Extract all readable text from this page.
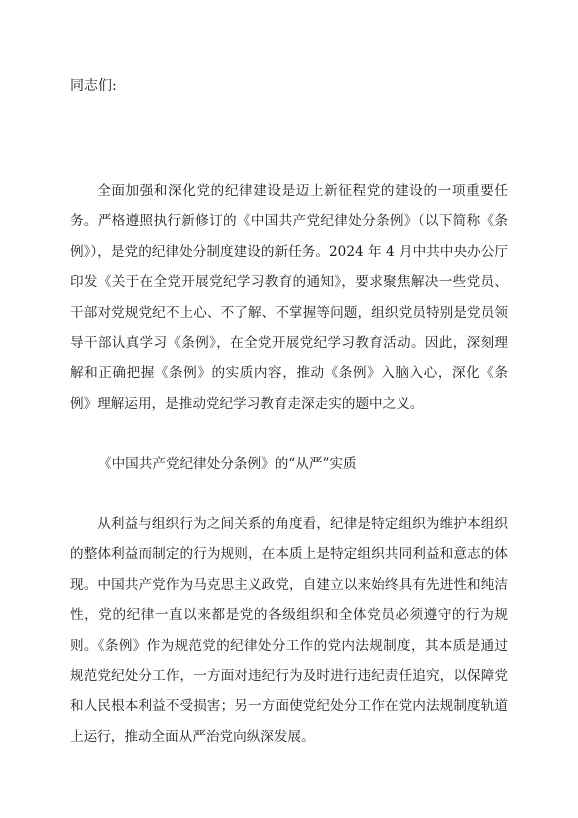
同志们:

全面加强和深化党的纪律建设是迈上新征程党的建设的一项重要任务。严格遵照执行新修订的《中国共产党纪律处分条例》（以下简称《条例》），是党的纪律处分制度建设的新任务。2024 年 4 月中共中央办公厅印发《关于在全党开展党纪学习教育的通知》，要求聚焦解决一些党员、干部对党规党纪不上心、不了解、不掌握等问题，组织党员特别是党员领导干部认真学习《条例》，在全党开展党纪学习教育活动。因此，深刻理解和正确把握《条例》的实质内容，推动《条例》入脑入心，深化《条例》理解运用，是推动党纪学习教育走深走实的题中之义。

《中国共产党纪律处分条例》的“从严”实质

从利益与组织行为之间关系的角度看，纪律是特定组织为维护本组织的整体利益而制定的行为规则，在本质上是特定组织共同利益和意志的体现。中国共产党作为马克思主义政党，自建立以来始终具有先进性和纯洁性，党的纪律一直以来都是党的各级组织和全体党员必须遵守的行为规则。《条例》作为规范党的纪律处分工作的党内法规制度，其本质是通过规范党纪处分工作，一方面对违纪行为及时进行违纪责任追究，以保障党和人民根本利益不受损害；另一方面使党纪处分工作在党内法规制度轨道上运行，推动全面从严治党向纵深发展。
